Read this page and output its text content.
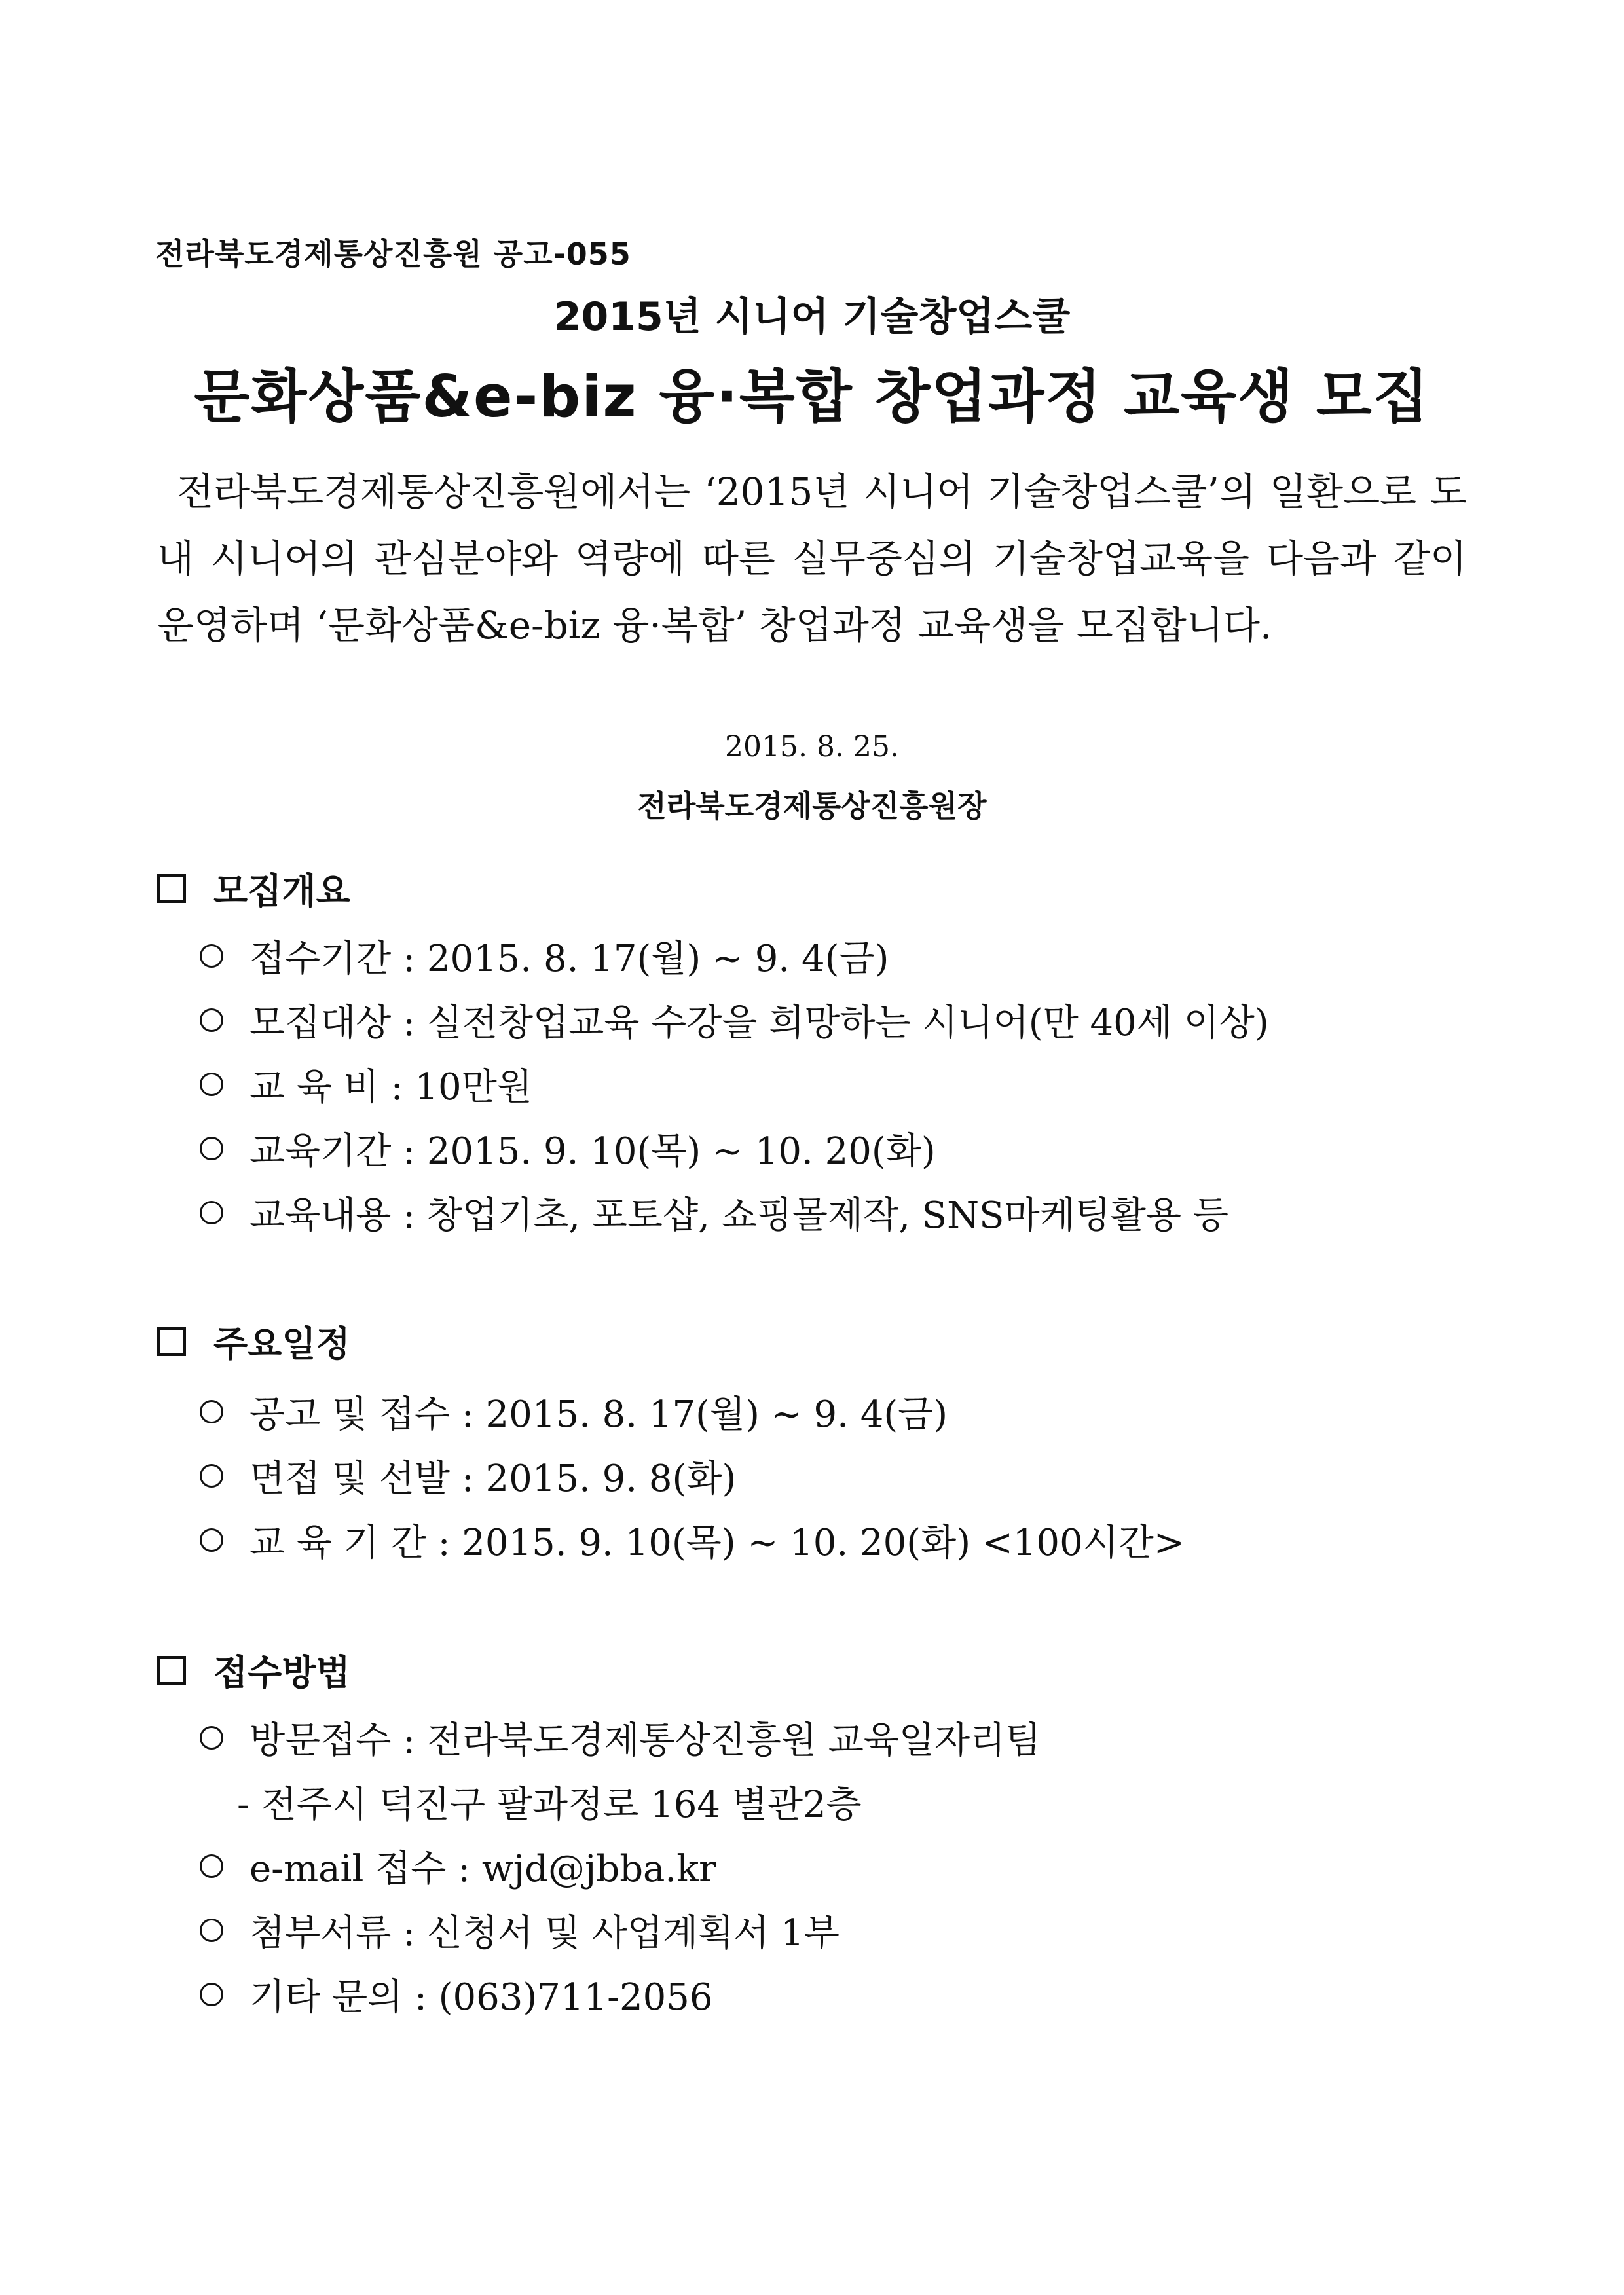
전라북도경제통상진흥원 공고-055
2015년 시니어 기술창업스쿨
문화상품&e-biz 융·복합 창업과정 교육생 모집
전라북도경제통상진흥원에서는 ‘2015년 시니어 기술창업스쿨’의 일환으로 도내 시니어의 관심분야와 역량에 따른 실무중심의 기술창업교육을 다음과 같이 운영하며 ‘문화상품&e-biz 융·복합’ 창업과정 교육생을 모집합니다.
2015. 8. 25.
전라북도경제통상진흥원장
모집개요
접수기간 : 2015. 8. 17(월) ~ 9. 4(금)
모집대상 : 실전창업교육 수강을 희망하는 시니어(만 40세 이상)
교 육 비 : 10만원
교육기간 : 2015. 9. 10(목) ~ 10. 20(화)
교육내용 : 창업기초, 포토샵, 쇼핑몰제작, SNS마케팅활용 등
주요일정
공고 및 접수 : 2015. 8. 17(월) ~ 9. 4(금)
면접 및 선발 : 2015. 9. 8(화)
교 육 기 간 : 2015. 9. 10(목) ~ 10. 20(화) <100시간>
접수방법
방문접수 : 전라북도경제통상진흥원 교육일자리팀
- 전주시 덕진구 팔과정로 164 별관2층
e-mail 접수 : wjd@jbba.kr
첨부서류 : 신청서 및 사업계획서 1부
기타 문의 : (063)711-2056
